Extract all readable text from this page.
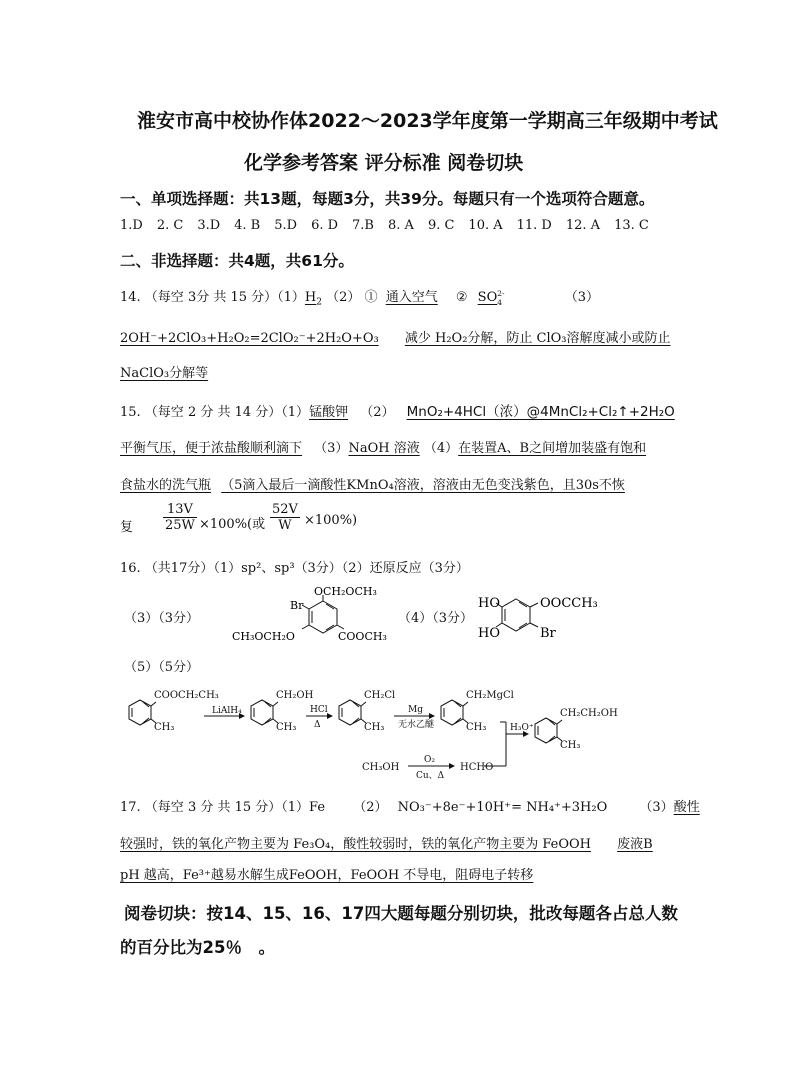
淮安市高中校协作体2022～2023学年度第一学期高三年级期中考试
化学参考答案 评分标准 阅卷切块
一、单项选择题：共13题，每题3分，共39分。每题只有一个选项符合题意。
1.D 2. C 3.D 4. B 5.D 6. D 7.B 8. A 9. C 10. A 11. D 12. A 13. C
二、非选择题：共4题，共61分。
14. （每空 3分 共 15 分）$(1)H_2$ （2） ① 通入空气 ② SO 2-
4	（3）
2OH⁻+2ClO₃+H₂O₂=2ClO₂⁻+2H₂O+O₃ 减少 H₂O₂分解，防止 ClO₃溶解度减小或防止
NaClO₃分解等
15. （每空 2 分 共 14 分）（1）锰酸钾 （2） MnO₂+4HCl（浓）@4MnCl₂+Cl₂↑+2H₂O
平衡气压，便于浓盐酸顺利滴下 （3）NaOH 溶液 （4）在装置A、B之间增加装盛有饱和
食盐水的洗气瓶 （5滴入最后一滴酸性KMnO₄溶液，溶液由无色变浅紫色，且30s不恢
复 $\frac{13V}{25W} \times 100\%$(或 $\frac{52V}{W} \times 100\%$)
16. （共17分）（1）sp²、sp³（3分）（2）还原反应（3分）
（3）（3分）	（4）（3分）
（5）（5分）
OCH₂OCH₃
Br
CH₃OCH₂O	COOCH₃
HO
HO
OOCCH₃
Br
COOCH₂CH₃
CH₃
LiAlH₄
CH₂OH
CH₃
HCl
Δ
CH₂Cl
CH₃
Mg
无水乙醚
CH₂MgCl
CH₃	H₃O⁺
CH₂CH₂OH
CH₃
CH₃OH
O₂
Cu、Δ
HCHO
17. （每空 3 分 共 15 分）（1）Fe （2） NO₃⁻+8e⁻+10H⁺= NH₄⁺+3H₂O （3）酸性
较强时，铁的氧化产物主要为 Fe₃O₄，酸性较弱时，铁的氧化产物主要为 FeOOH 废液B
pH 越高，Fe³⁺越易水解生成FeOOH，FeOOH 不导电，阻碍电子转移
阅卷切块：按14、15、16、17四大题每题分别切块，批改每题各占总人数
的百分比为25％　。
